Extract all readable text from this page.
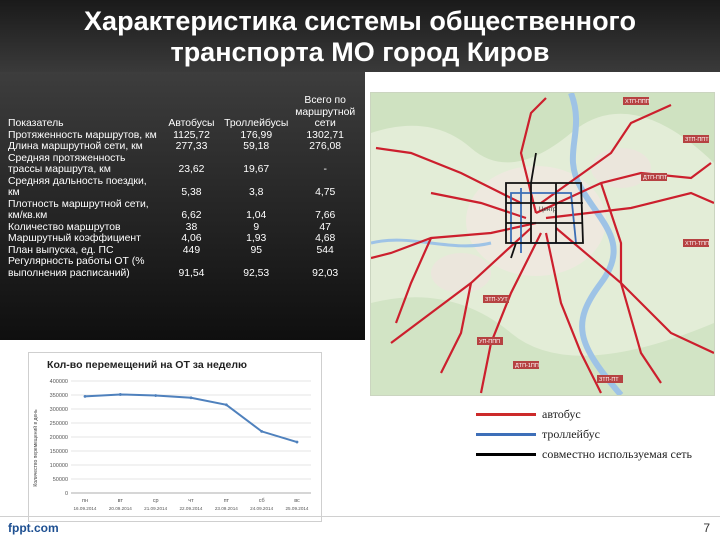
Характеристика системы общественного
транспорта МО город Киров
Показатель	Автобусы	Троллейбусы	Всего по маршрутной сети
Протяженность маршрутов, км	1125,72	176,99	1302,71
Длина маршрутной сети, км	277,33	59,18	276,08
Средняя протяженность трассы маршрута, км	23,62	19,67	-
Средняя дальность поездки, км	5,38	3,8	4,75
Плотность маршрутной сети, км/кв.км	6,62	1,04	7,66
Количество маршрутов	38	9	47
Маршрутный коэффициент	4,06	1,93	4,68
План выпуска, ед. ПС	449	95	544
Регулярность работы ОТ (% выполнения расписаний)	91,54	92,53	92,03
Кол-во перемещений на ОТ за неделю
Количество перемещений в день
0
50000
100000
150000
200000
250000
300000
350000
400000
пн
16.09.2014
вт
20.09.2014
ср
21.09.2014
чт
22.09.2014
пт
23.09.2014
сб
24.09.2014
вс
25.09.2014
ХТП-ППП
ЗТП-ППТ
ДТП-ППТ
ХТП-ТПП
ЗТП-УУТ
УП-ППП
ДТП-1ПП
ЗТП-ПТ
Центр
автобус
троллейбус
совместно используемая сеть
fppt.com	7
